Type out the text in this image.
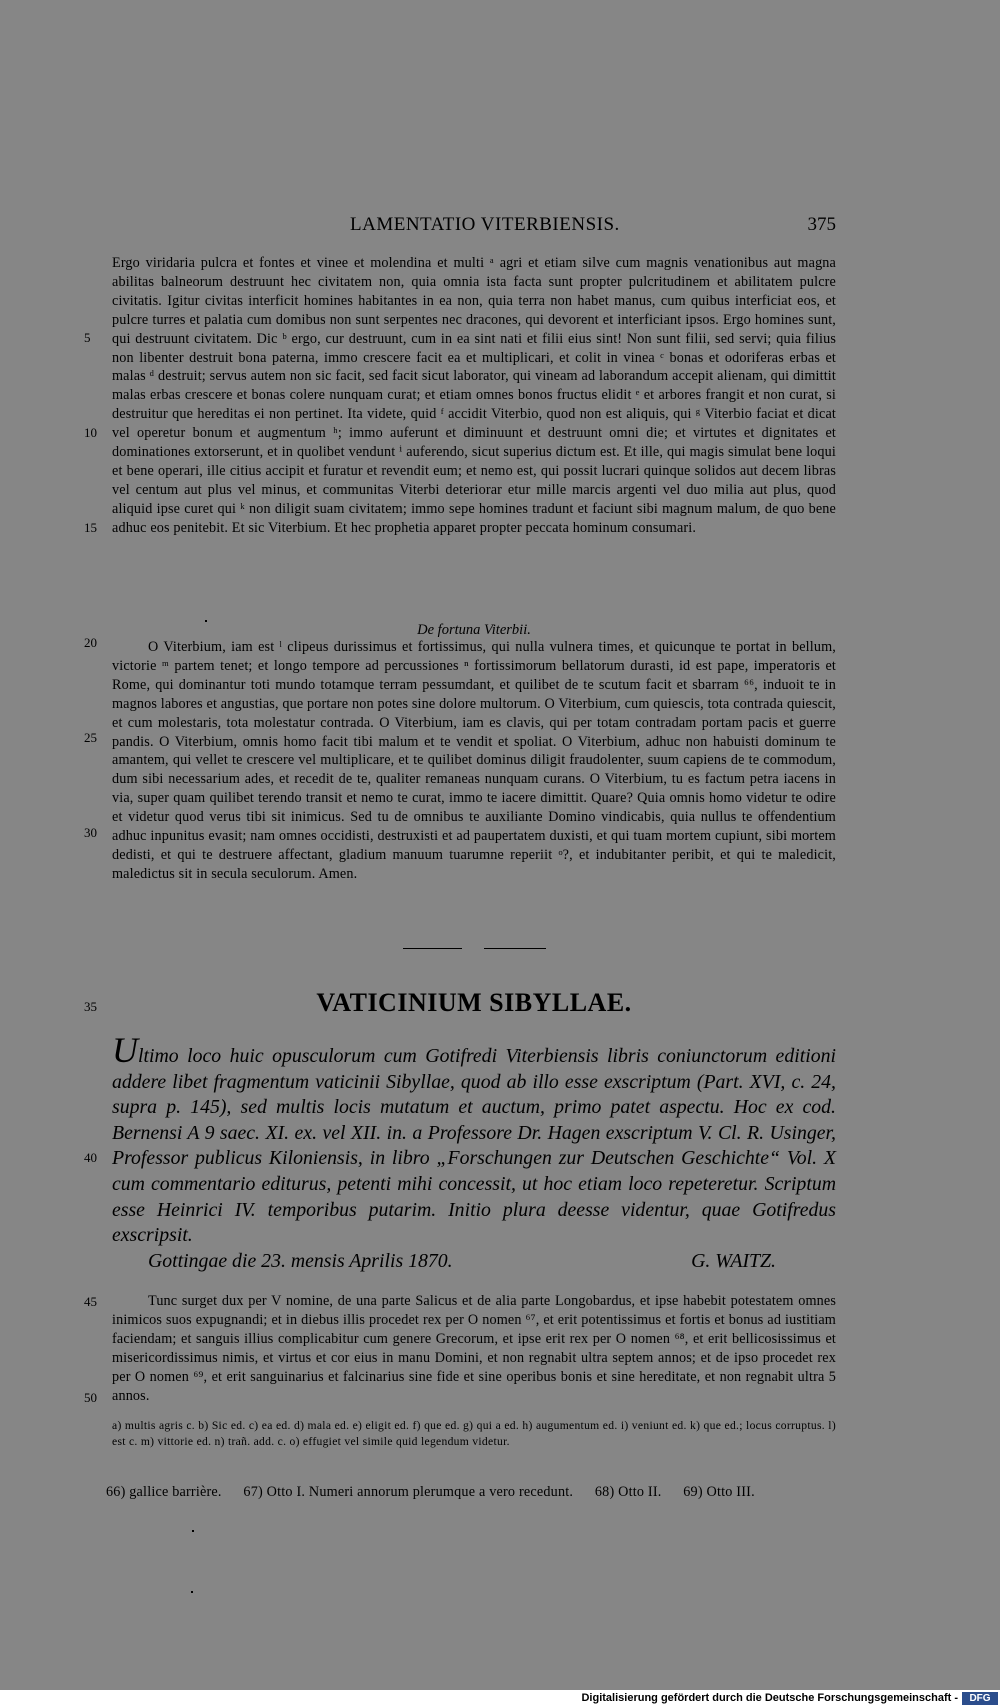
LAMENTATIO VITERBIENSIS.	375
5
10
15
20
25
30
35
40
45
50

Ergo viridaria pulcra et fontes et vinee et molendina et multi ᵃ agri et etiam silve cum magnis venationibus aut magna abilitas balneorum destruunt hec civitatem non, quia omnia ista facta sunt propter pulcritudinem et abilitatem pulcre civitatis. Igitur civitas interficit homines habitantes in ea non, quia terra non habet manus, cum quibus interficiat eos, et pulcre turres et palatia cum domibus non sunt serpentes nec dracones, qui devorent et interficiant ipsos. Ergo homines sunt, qui destruunt civitatem. Dic ᵇ ergo, cur destruunt, cum in ea sint nati et filii eius sint! Non sunt filii, sed servi; quia filius non libenter destruit bona paterna, immo crescere facit ea et multiplicari, et colit in vinea ᶜ bonas et odoriferas erbas et malas ᵈ destruit; servus autem non sic facit, sed facit sicut laborator, qui vineam ad laborandum accepit alienam, qui dimittit malas erbas crescere et bonas colere nunquam curat; et etiam omnes bonos fructus elidit ᵉ et arbores frangit et non curat, si destruitur que hereditas ei non pertinet. Ita videte, quid ᶠ accidit Viterbio, quod non est aliquis, qui ᵍ Viterbio faciat et dicat vel operetur bonum et augmentum ʰ; immo auferunt et diminuunt et destruunt omni die; et virtutes et dignitates et dominationes extorserunt, et in quolibet vendunt ⁱ auferendo, sicut superius dictum est. Et ille, qui magis simulat bene loqui et bene operari, ille citius accipit et furatur et revendit eum; et nemo est, qui possit lucrari quinque solidos aut decem libras vel centum aut plus vel minus, et communitas Viterbi deteriorar etur mille marcis argenti vel duo milia aut plus, quod aliquid ipse curet qui ᵏ non diligit suam civitatem; immo sepe homines tradunt et faciunt sibi magnum malum, de quo bene adhuc eos penitebit. Et sic Viterbium. Et hec prophetia apparet propter peccata hominum consumari.

De fortuna Viterbii.

O Viterbium, iam est ˡ clipeus durissimus et fortissimus, qui nulla vulnera times, et quicunque te portat in bellum, victorie ᵐ partem tenet; et longo tempore ad percussiones ⁿ fortissimorum bellatorum durasti, id est pape, imperatoris et Rome, qui dominantur toti mundo totamque terram pessumdant, et quilibet de te scutum facit et sbarram ⁶⁶, induoit te in magnos labores et angustias, que portare non potes sine dolore multorum. O Viterbium, cum quiescis, tota contrada quiescit, et cum molestaris, tota molestatur contrada. O Viterbium, iam es clavis, qui per totam contradam portam pacis et guerre pandis. O Viterbium, omnis homo facit tibi malum et te vendit et spoliat. O Viterbium, adhuc non habuisti dominum te amantem, qui vellet te crescere vel multiplicare, et te quilibet dominus diligit fraudolenter, suum capiens de te commodum, dum sibi necessarium ades, et recedit de te, qualiter remaneas nunquam curans. O Viterbium, tu es factum petra iacens in via, super quam quilibet terendo transit et nemo te curat, immo te iacere dimittit. Quare? Quia omnis homo videtur te odire et videtur quod verus tibi sit inimicus. Sed tu de omnibus te auxiliante Domino vindicabis, quia nullus te offendentium adhuc inpunitus evasit; nam omnes occidisti, destruxisti et ad paupertatem duxisti, et qui tuam mortem cupiunt, sibi mortem dedisti, et qui te destruere affectant, gladium manuum tuarumne reperiit ᵒ?, et indubitanter peribit, et qui te maledicit, maledictus sit in secula seculorum. Amen.

VATICINIUM SIBYLLAE.
Ultimo loco huic opusculorum cum Gotifredi Viterbiensis libris coniunctorum editioni addere libet fragmentum vaticinii Sibyllae, quod ab illo esse exscriptum (Part. XVI, c. 24, supra p. 145), sed multis locis mutatum et auctum, primo patet aspectu. Hoc ex cod. Bernensi A 9 saec. XI. ex. vel XII. in. a Professore Dr. Hagen exscriptum V. Cl. R. Usinger, Professor publicus Kiloniensis, in libro „Forschungen zur Deutschen Geschichte“ Vol. X cum commentario editurus, petenti mihi concessit, ut hoc etiam loco repeteretur. Scriptum esse Heinrici IV. temporibus putarim. Initio plura deesse videntur, quae Gotifredus exscripsit.
Gottingae die 23. mensis Aprilis 1870.	G. WAITZ.

Tunc surget dux per V nomine, de una parte Salicus et de alia parte Longobardus, et ipse habebit potestatem omnes inimicos suos expugnandi; et in diebus illis procedet rex per O nomen ⁶⁷, et erit potentissimus et fortis et bonus ad iustitiam faciendam; et sanguis illius complicabitur cum genere Grecorum, et ipse erit rex per O nomen ⁶⁸, et erit bellicosissimus et misericordissimus nimis, et virtus et cor eius in manu Domini, et non regnabit ultra septem annos; et de ipso procedet rex per O nomen ⁶⁹, et erit sanguinarius et falcinarius sine fide et sine operibus bonis et sine hereditate, et non regnabit ultra 5 annos.

a) multis agris c. b) Sic ed. c) ea ed. d) mala ed. e) eligit ed. f) que ed. g) qui a ed. h) augumentum ed. i) veniunt ed. k) que ed.; locus corruptus. l) est c. m) vittorie ed. n) trañ. add. c. o) effugiet vel simile quid legendum videtur.
66) gallice barrière. 67) Otto I. Numeri annorum plerumque a vero recedunt. 68) Otto II. 69) Otto III.
Digitalisierung gefördert durch die Deutsche Forschungsgemeinschaft -	DFG
